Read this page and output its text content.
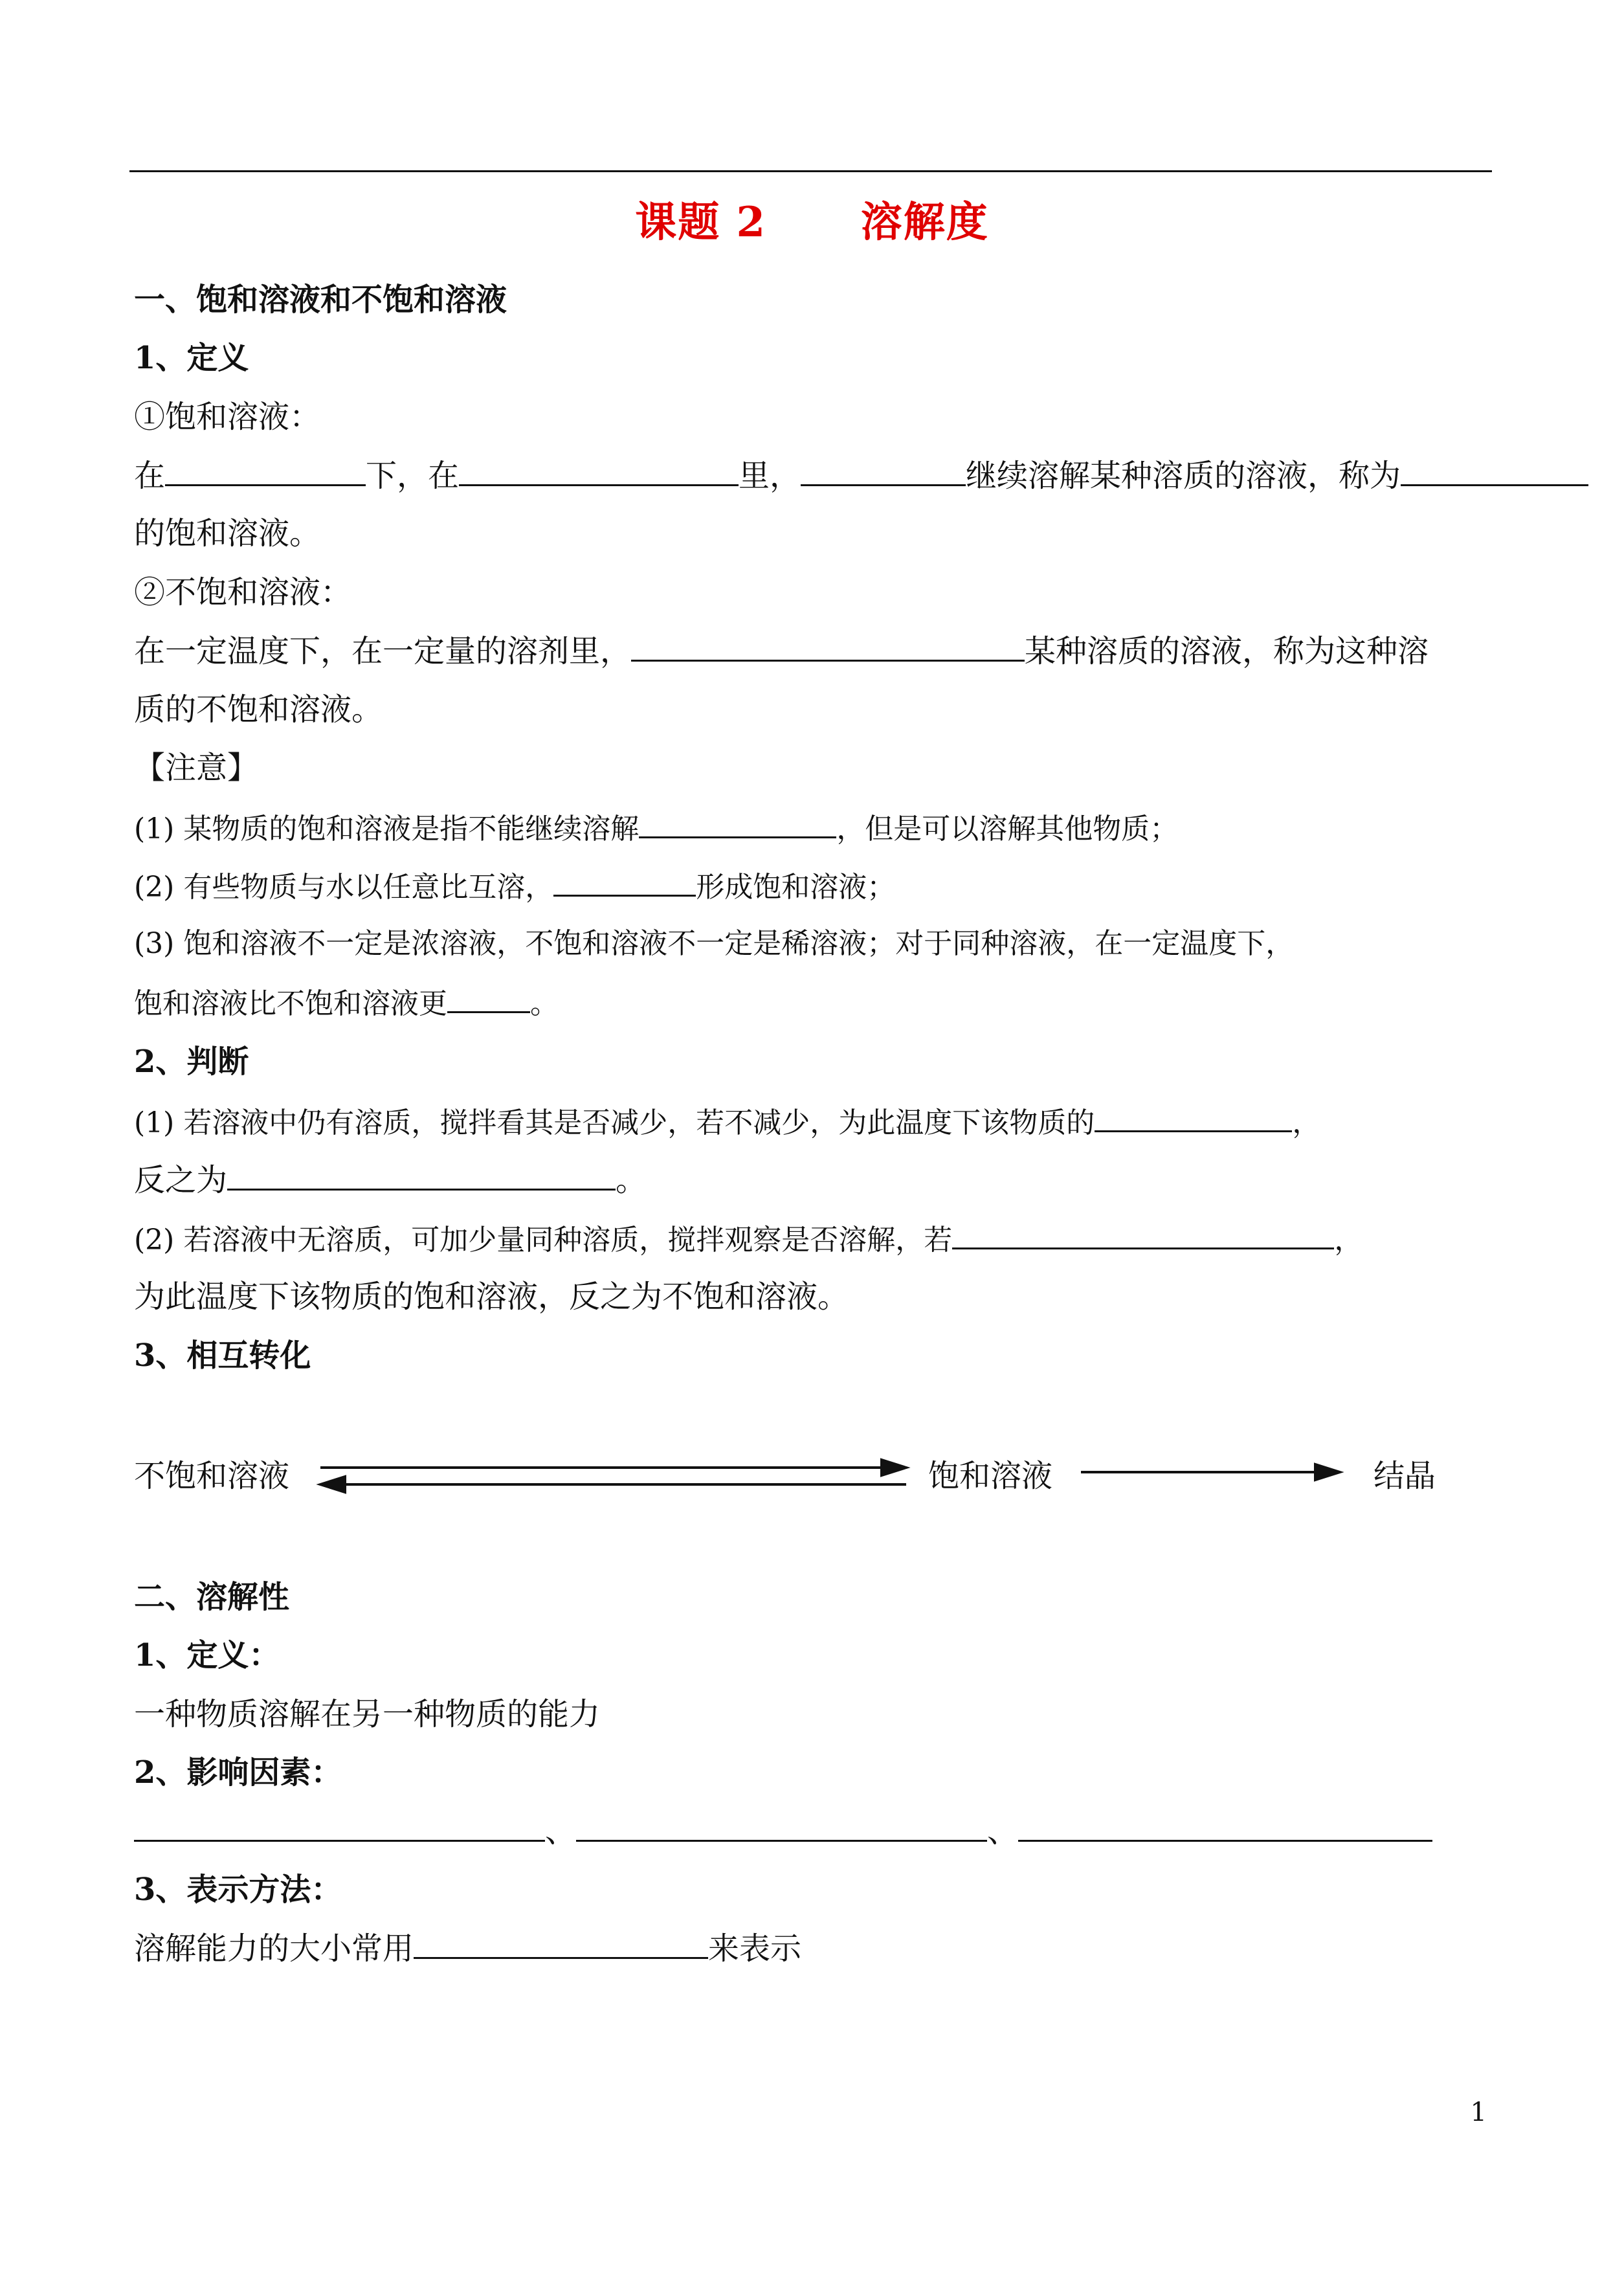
课题 2      溶解度
一、饱和溶液和不饱和溶液
1、定义
①饱和溶液：
在	下，在	里，	继续溶解某种溶质的溶液，称为
的饱和溶液。
②不饱和溶液：
在一定温度下，在一定量的溶剂里，	某种溶质的溶液，称为这种溶
质的不饱和溶液。
【注意】
(1) 某物质的饱和溶液是指不能继续溶解	，但是可以溶解其他物质；
(2) 有些物质与水以任意比互溶，	形成饱和溶液；
(3) 饱和溶液不一定是浓溶液，不饱和溶液不一定是稀溶液；对于同种溶液，在一定温度下，
饱和溶液比不饱和溶液更	。
2、判断
(1) 若溶液中仍有溶质，搅拌看其是否减少，若不减少，为此温度下该物质的	，
反之为	。
(2) 若溶液中无溶质，可加少量同种溶质，搅拌观察是否溶解，若	，
为此温度下该物质的饱和溶液，反之为不饱和溶液。
3、相互转化
不饱和溶液	饱和溶液	结晶
二、溶解性
1、定义：
一种物质溶解在另一种物质的能力
2、影响因素：
、	、
3、表示方法：
溶解能力的大小常用	来表示
1
